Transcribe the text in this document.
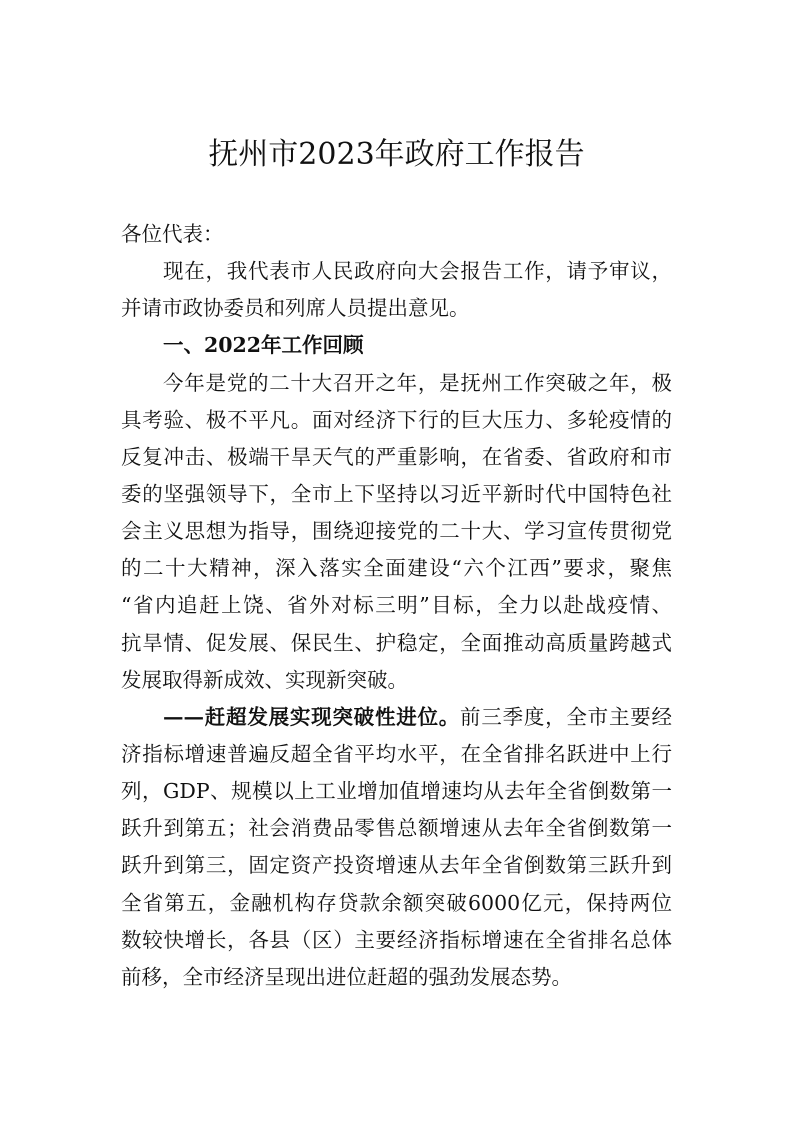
抚州市2023年政府工作报告
各位代表：
现在，我代表市人民政府向大会报告工作，请予审议，
并请市政协委员和列席人员提出意见。
一、2022年工作回顾
今年是党的二十大召开之年，是抚州工作突破之年，极
具考验、极不平凡。面对经济下行的巨大压力、多轮疫情的
反复冲击、极端干旱天气的严重影响，在省委、省政府和市
委的坚强领导下，全市上下坚持以习近平新时代中国特色社
会主义思想为指导，围绕迎接党的二十大、学习宣传贯彻党
的二十大精神，深入落实全面建设“六个江西”要求，聚焦
“省内追赶上饶、省外对标三明”目标，全力以赴战疫情、
抗旱情、促发展、保民生、护稳定，全面推动高质量跨越式
发展取得新成效、实现新突破。
——赶超发展实现突破性进位。前三季度，全市主要经
济指标增速普遍反超全省平均水平，在全省排名跃进中上行
列，GDP、规模以上工业增加值增速均从去年全省倒数第一
跃升到第五；社会消费品零售总额增速从去年全省倒数第一
跃升到第三，固定资产投资增速从去年全省倒数第三跃升到
全省第五，金融机构存贷款余额突破6000亿元，保持两位
数较快增长，各县（区）主要经济指标增速在全省排名总体
前移，全市经济呈现出进位赶超的强劲发展态势。
